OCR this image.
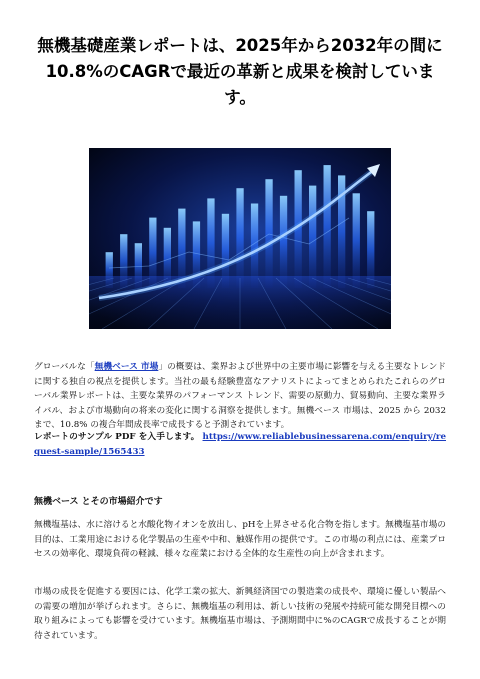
無機基礎産業レポートは、2025年から2032年の間に10.8%のCAGRで最近の革新と成果を検討しています。

グローバルな「無機ベース 市場」の概要は、業界および世界中の主要市場に影響を与える主要なトレンドに関する独自の視点を提供します。当社の最も経験豊富なアナリストによってまとめられたこれらのグローバル業界レポートは、主要な業界のパフォーマンス トレンド、需要の原動力、貿易動向、主要な業界ライバル、および市場動向の将来の変化に関する洞察を提供します。無機ベース 市場は、2025 から 2032 まで、10.8% の複合年間成長率で成長すると予測されています。

レポートのサンプル PDF を入手します。 https://www.reliablebusinessarena.com/enquiry/request-sample/1565433

無機ベース とその市場紹介です

無機塩基は、水に溶けると水酸化物イオンを放出し、pHを上昇させる化合物を指します。無機塩基市場の目的は、工業用途における化学製品の生産や中和、触媒作用の提供です。この市場の利点には、産業プロセスの効率化、環境負荷の軽減、様々な産業における全体的な生産性の向上が含まれます。

市場の成長を促進する要因には、化学工業の拡大、新興経済国での製造業の成長や、環境に優しい製品への需要の増加が挙げられます。さらに、無機塩基の利用は、新しい技術の発展や持続可能な開発目標への取り組みによっても影響を受けています。無機塩基市場は、予測期間中に%のCAGRで成長することが期待されています。
